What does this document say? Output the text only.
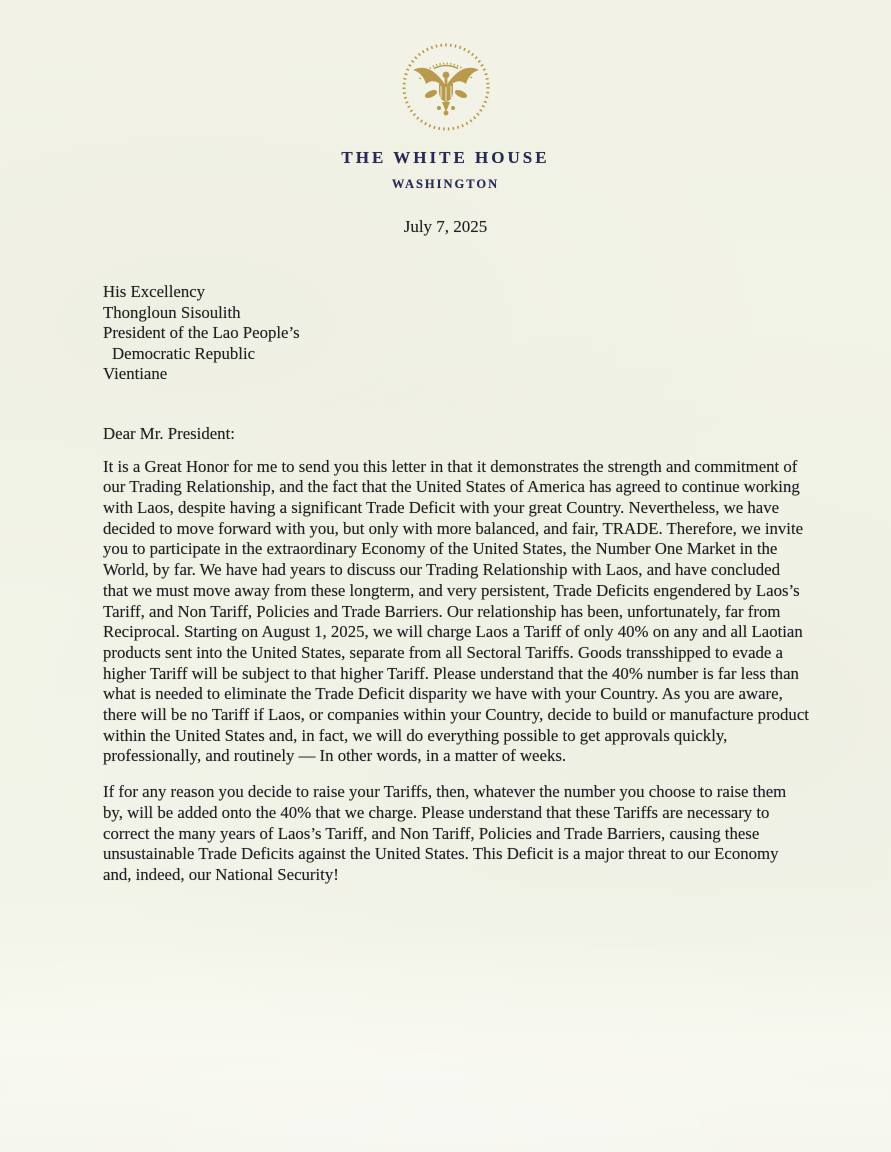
THE WHITE HOUSE
WASHINGTON
July 7, 2025
His Excellency
Thongloun Sisoulith
President of the Lao People’s
Democratic Republic
Vientiane
Dear Mr. President:

It is a Great Honor for me to send you this letter in that it demonstrates the strength and commitment of our Trading Relationship, and the fact that the United States of America has agreed to continue working with Laos, despite having a significant Trade Deficit with your great Country. Nevertheless, we have decided to move forward with you, but only with more balanced, and fair, TRADE. Therefore, we invite you to participate in the extraordinary Economy of the United States, the Number One Market in the World, by far. We have had years to discuss our Trading Relationship with Laos, and have concluded that we must move away from these longterm, and very persistent, Trade Deficits engendered by Laos’s Tariff, and Non Tariff, Policies and Trade Barriers. Our relationship has been, unfortunately, far from Reciprocal. Starting on August 1, 2025, we will charge Laos a Tariff of only 40% on any and all Laotian products sent into the United States, separate from all Sectoral Tariffs. Goods transshipped to evade a higher Tariff will be subject to that higher Tariff. Please understand that the 40% number is far less than what is needed to eliminate the Trade Deficit disparity we have with your Country. As you are aware, there will be no Tariff if Laos, or companies within your Country, decide to build or manufacture product within the United States and, in fact, we will do everything possible to get approvals quickly, professionally, and routinely — In other words, in a matter of weeks.

If for any reason you decide to raise your Tariffs, then, whatever the number you choose to raise them by, will be added onto the 40% that we charge. Please understand that these Tariffs are necessary to correct the many years of Laos’s Tariff, and Non Tariff, Policies and Trade Barriers, causing these unsustainable Trade Deficits against the United States. This Deficit is a major threat to our Economy and, indeed, our National Security!
